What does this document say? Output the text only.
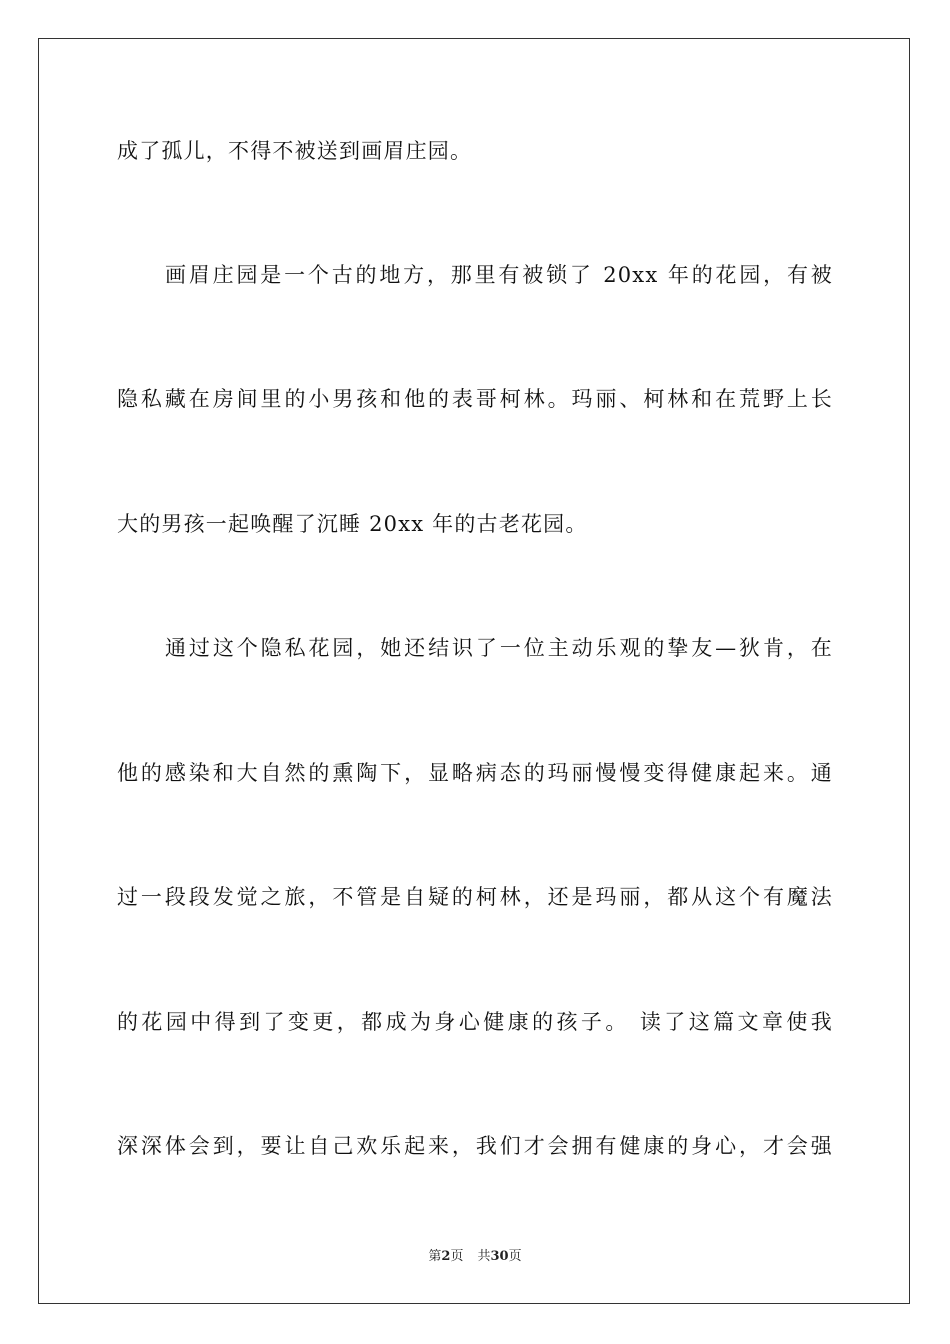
成了孤儿，不得不被送到画眉庄园。
画眉庄园是一个古的地方，那里有被锁了 20xx 年的花园，有被
隐私藏在房间里的小男孩和他的表哥柯林。玛丽、柯林和在荒野上长
大的男孩一起唤醒了沉睡 20xx 年的古老花园。
通过这个隐私花园，她还结识了一位主动乐观的挚友—狄肯，在
他的感染和大自然的熏陶下，显略病态的玛丽慢慢变得健康起来。通
过一段段发觉之旅，不管是自疑的柯林，还是玛丽，都从这个有魔法
的花园中得到了变更，都成为身心健康的孩子。 读了这篇文章使我
深深体会到，要让自己欢乐起来，我们才会拥有健康的身心，才会强
第2页 共30页
